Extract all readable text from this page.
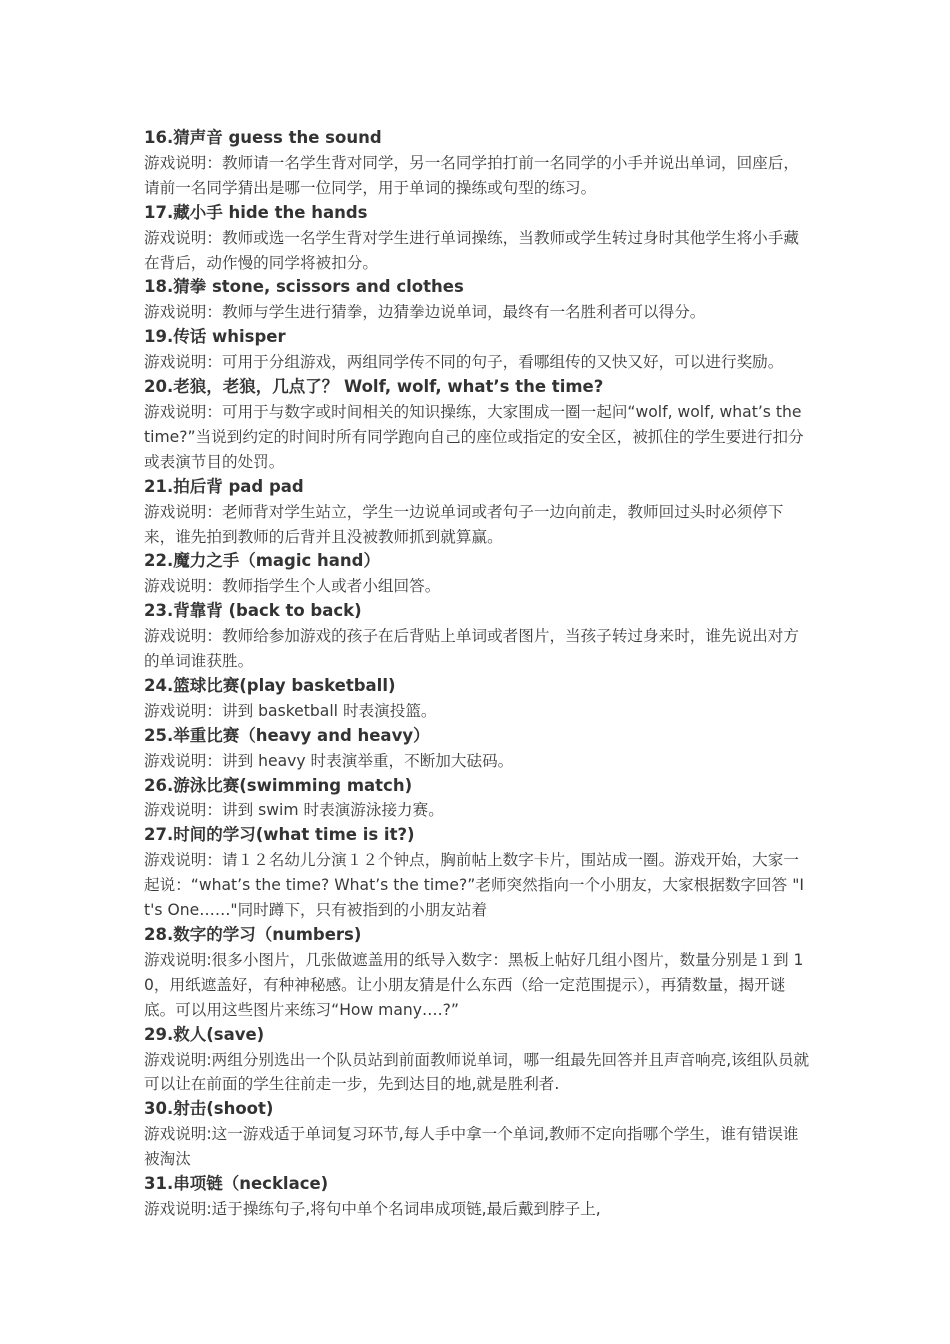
16.猜声音 guess the sound
游戏说明：教师请一名学生背对同学，另一名同学拍打前一名同学的小手并说出单词，回座后，请前一名同学猜出是哪一位同学，用于单词的操练或句型的练习。
17.藏小手 hide the hands
游戏说明：教师或选一名学生背对学生进行单词操练，当教师或学生转过身时其他学生将小手藏在背后，动作慢的同学将被扣分。
18.猜拳 stone, scissors and clothes
游戏说明：教师与学生进行猜拳，边猜拳边说单词，最终有一名胜利者可以得分。
19.传话 whisper
游戏说明：可用于分组游戏，两组同学传不同的句子，看哪组传的又快又好，可以进行奖励。
20.老狼，老狼，几点了？ Wolf, wolf, what’s the time?
游戏说明：可用于与数字或时间相关的知识操练，大家围成一圈一起问“wolf, wolf, what’s the time?”当说到约定的时间时所有同学跑向自己的座位或指定的安全区，被抓住的学生要进行扣分或表演节目的处罚。
21.拍后背 pad pad
游戏说明：老师背对学生站立，学生一边说单词或者句子一边向前走，教师回过头时必须停下来，谁先拍到教师的后背并且没被教师抓到就算赢。
22.魔力之手（magic hand）
游戏说明：教师指学生个人或者小组回答。
23.背靠背 (back to back)
游戏说明：教师给参加游戏的孩子在后背贴上单词或者图片，当孩子转过身来时，谁先说出对方的单词谁获胜。
24.篮球比赛(play basketball)
游戏说明：讲到 basketball 时表演投篮。
25.举重比赛（heavy and heavy）
游戏说明：讲到 heavy 时表演举重，不断加大砝码。
26.游泳比赛(swimming match)
游戏说明：讲到 swim 时表演游泳接力赛。
27.时间的学习(what time is it?)
游戏说明：请１２名幼儿分演１２个钟点，胸前帖上数字卡片，围站成一圈。游戏开始，大家一起说：“what’s the time? What’s the time?”老师突然指向一个小朋友，大家根据数字回答 "It's One……"同时蹲下，只有被指到的小朋友站着
28.数字的学习（numbers)
游戏说明:很多小图片，几张做遮盖用的纸导入数字：黑板上帖好几组小图片，数量分别是１到 10，用纸遮盖好，有种神秘感。让小朋友猜是什么东西（给一定范围提示），再猜数量，揭开谜底。可以用这些图片来练习“How many….?”
29.救人(save)
游戏说明:两组分别选出一个队员站到前面教师说单词，哪一组最先回答并且声音响亮,该组队员就可以让在前面的学生往前走一步，先到达目的地,就是胜利者.
30.射击(shoot)
游戏说明:这一游戏适于单词复习环节,每人手中拿一个单词,教师不定向指哪个学生，谁有错误谁被淘汰
31.串项链（necklace)
游戏说明:适于操练句子,将句中单个名词串成项链,最后戴到脖子上,
